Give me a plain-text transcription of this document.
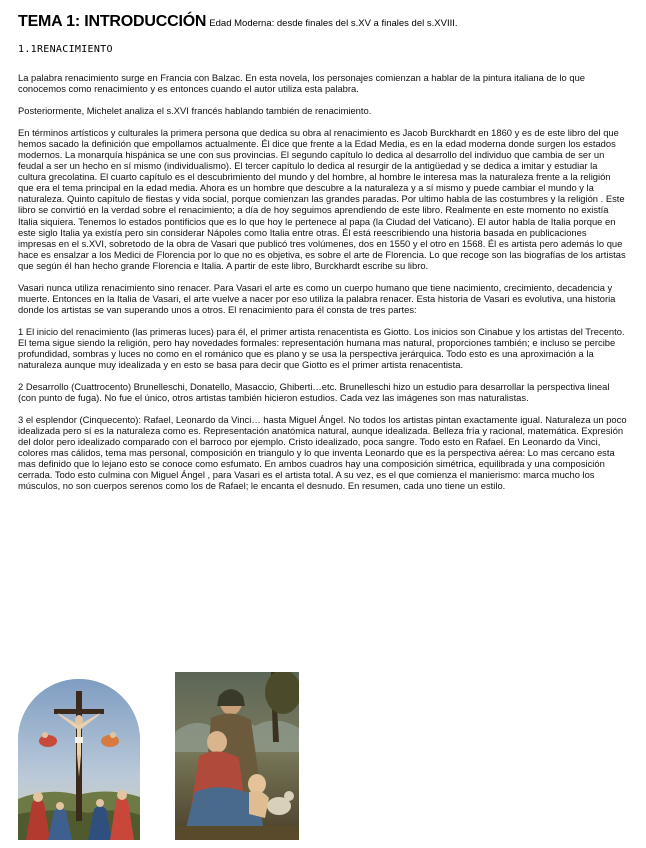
TEMA 1: INTRODUCCIÓN Edad Moderna: desde finales del s.XV a finales del s.XVIII.
1.1RENACIMIENTO

La palabra renacimiento surge en Francia con Balzac. En esta novela, los personajes comienzan a hablar de la pintura italiana de lo que conocemos como renacimiento y es entonces cuando el autor utiliza esta palabra.

Posteriormente, Michelet analiza el s.XVI francés hablando también de renacimiento.

En términos artísticos y culturales la primera persona que dedica su obra al renacimiento es Jacob Burckhardt en 1860 y es de este libro del que hemos sacado la definición que empollamos actualmente. Él dice que frente a la Edad Media, es en la edad moderna donde surgen los estados modernos. La monarquía hispánica se une con sus provincias. El segundo capítulo lo dedica al desarrollo del individuo que cambia de ser un feudal a ser un hecho en sí mismo (individualismo). El tercer capítulo lo dedica al resurgir de la antigüedad y se dedica a imitar y estudiar la cultura grecolatina. El cuarto capítulo es el descubrimiento del mundo y del hombre, al hombre le interesa mas la naturaleza frente a la religión que era el tema principal en la edad media. Ahora es un hombre que descubre a la naturaleza y a sí mismo y puede cambiar el mundo y la naturaleza. Quinto capítulo de fiestas y vida social, porque comienzan las grandes paradas. Por ultimo habla de las costumbres y la religión . Este libro se convirtió en la verdad sobre el renacimiento; a día de hoy seguimos aprendiendo de este libro. Realmente en este momento no existía Italia siquiera. Tenemos lo estados pontificios que es lo que hoy le pertenece al papa (la Ciudad del Vaticano). El autor habla de Italia porque en este siglo Italia ya existía pero sin considerar Nápoles como Italia entre otras. Él está reescribiendo una historia basada en publicaciones impresas en el s.XVI, sobretodo de la obra de Vasari que publicó tres volúmenes, dos en 1550 y el otro en 1568. Él es artista pero además lo que hace es ensalzar a los Medici de Florencia por lo que no es objetiva, es sobre el arte de Florencia. Lo que recoge son las biografías de los artistas que según él han hecho grande Florencia e Italia. A partir de este libro, Burckhardt escribe su libro.

Vasari nunca utiliza renacimiento sino renacer. Para Vasari el arte es como un cuerpo humano que tiene nacimiento, crecimiento, decadencia y muerte. Entonces en la Italia de Vasari, el arte vuelve a nacer por eso utiliza la palabra renacer. Esta historia de Vasari es evolutiva, una historia donde los artistas se van superando unos a otros. El renacimiento para él consta de tres partes:

1 El inicio del renacimiento (las primeras luces) para él, el primer artista renacentista es Giotto. Los inicios son Cinabue y los artistas del Trecento. El tema sigue siendo la religión, pero hay novedades formales: representación humana mas natural, proporciones también; e incluso se percibe profundidad, sombras y luces no como en el románico que es plano y se usa la perspectiva jerárquica. Todo esto es una aproximación a la naturaleza aunque muy idealizada y en esto se basa para decir que Giotto es el primer artista renacentista.

2 Desarrollo (Cuattrocento) Brunelleschi, Donatello, Masaccio, Ghiberti…etc. Brunelleschi hizo un estudio para desarrollar la perspectiva lineal (con punto de fuga). No fue el único, otros artistas también hicieron estudios. Cada vez las imágenes son mas naturalistas.

3 el esplendor (Cinquecento): Rafael, Leonardo da Vinci… hasta Miguel Ángel. No todos los artistas pintan exactamente igual. Naturaleza un poco idealizada pero sí es la naturaleza como es. Representación anatómica natural, aunque idealizada. Belleza fría y racional, matemática. Expresión del dolor pero idealizado comparado con el barroco por ejemplo. Cristo idealizado, poca sangre. Todo esto en Rafael. En Leonardo da Vinci, colores mas cálidos, tema mas personal, composición en triangulo y lo que inventa Leonardo que es la perspectiva aérea: Lo mas cercano esta mas definido que lo lejano esto se conoce como esfumato. En ambos cuadros hay una composición simétrica, equilibrada y una composición cerrada. Todo esto culmina con Miguel Ángel , para Vasari es el artista total. A su vez, es el que comienza el manierismo: marca mucho los músculos, no son cuerpos serenos como los de Rafael; le encanta el desnudo. En resumen, cada uno tiene un estilo.
